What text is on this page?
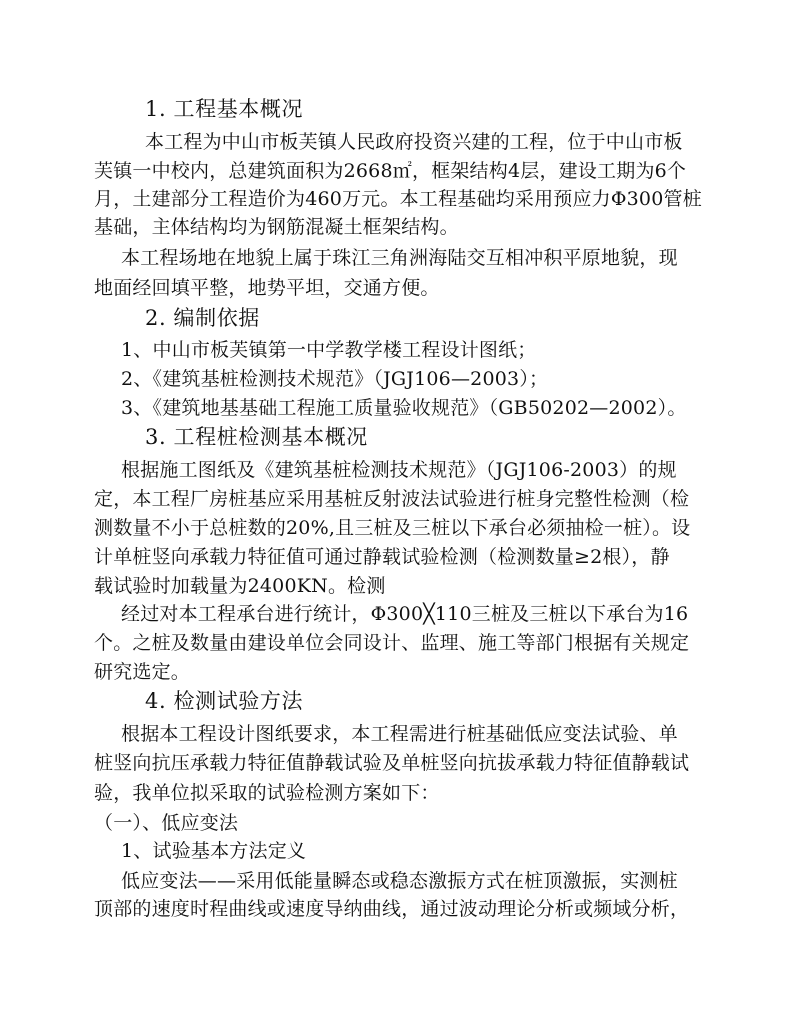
1. 工程基本概况
本工程为中山市板芙镇人民政府投资兴建的工程，位于中山市板
芙镇一中校内，总建筑面积为2668㎡，框架结构4层，建设工期为6个
月，土建部分工程造价为460万元。本工程基础均采用预应力Φ300管桩
基础，主体结构均为钢筋混凝土框架结构。
本工程场地在地貌上属于珠江三角洲海陆交互相冲积平原地貌，现
地面经回填平整，地势平坦，交通方便。
2. 编制依据
1、中山市板芙镇第一中学教学楼工程设计图纸；
2、《建筑基桩检测技术规范》（JGJ106—2003）；
3、《建筑地基基础工程施工质量验收规范》（GB50202—2002）。
3. 工程桩检测基本概况
根据施工图纸及《建筑基桩检测技术规范》（JGJ106-2003）的规
定，本工程厂房桩基应采用基桩反射波法试验进行桩身完整性检测（检
测数量不小于总桩数的20%,且三桩及三桩以下承台必须抽检一桩）。设
计单桩竖向承载力特征值可通过静载试验检测（检测数量≥2根），静
载试验时加载量为2400KN。检测
经过对本工程承台进行统计，Φ300╳110三桩及三桩以下承台为16
个。之桩及数量由建设单位会同设计、监理、施工等部门根据有关规定
研究选定。
4. 检测试验方法
根据本工程设计图纸要求，本工程需进行桩基础低应变法试验、单
桩竖向抗压承载力特征值静载试验及单桩竖向抗拔承载力特征值静载试
验，我单位拟采取的试验检测方案如下：
（一）、低应变法
1、试验基本方法定义
低应变法——采用低能量瞬态或稳态激振方式在桩顶激振，实测桩
顶部的速度时程曲线或速度导纳曲线，通过波动理论分析或频域分析，
